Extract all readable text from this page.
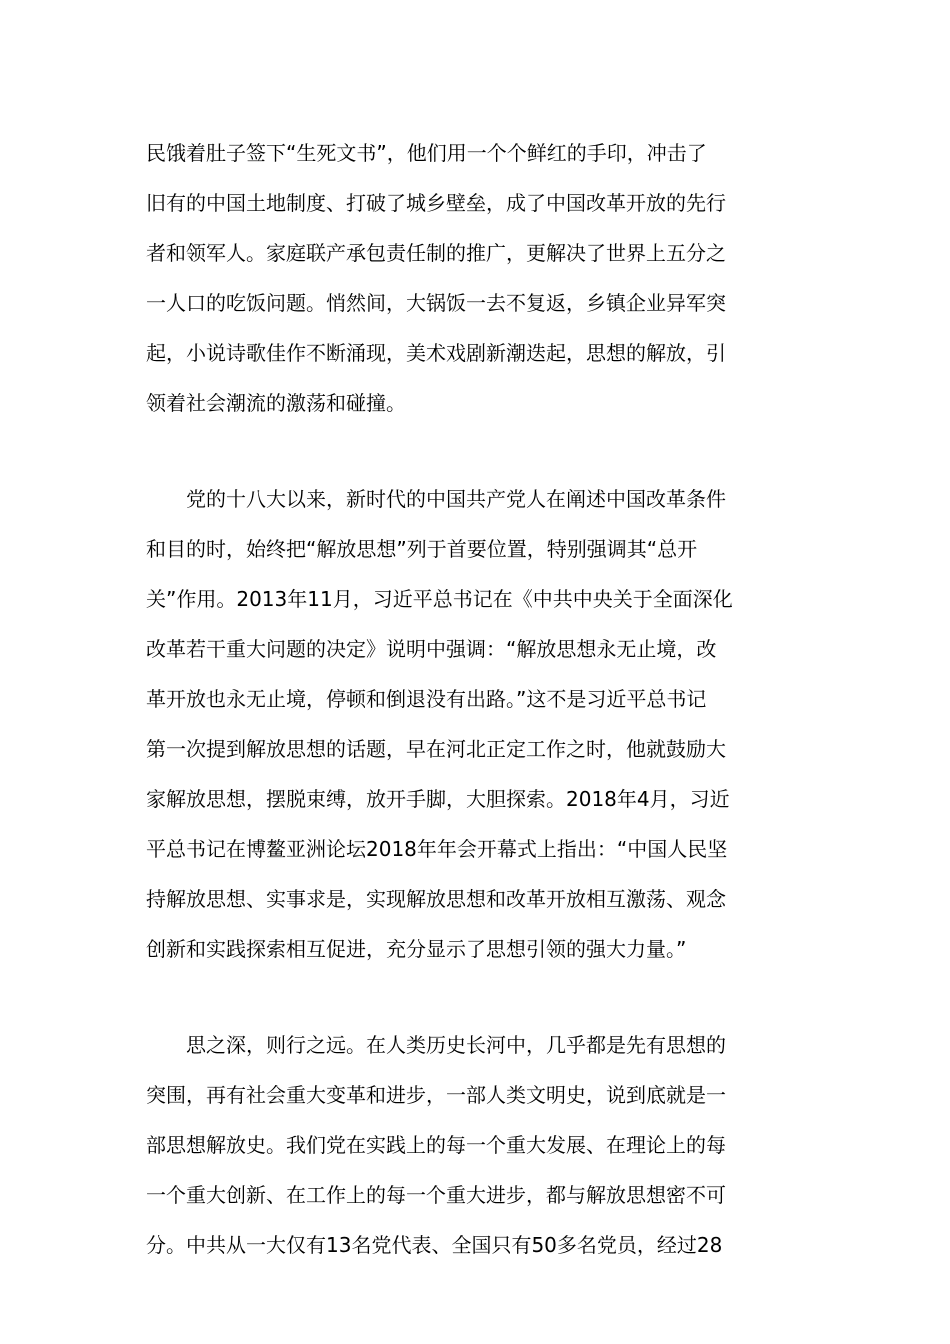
民饿着肚子签下“生死文书”，他们用一个个鲜红的手印，冲击了
旧有的中国土地制度、打破了城乡壁垒，成了中国改革开放的先行
者和领军人。家庭联产承包责任制的推广，更解决了世界上五分之
一人口的吃饭问题。悄然间，大锅饭一去不复返，乡镇企业异军突
起，小说诗歌佳作不断涌现，美术戏剧新潮迭起，思想的解放，引
领着社会潮流的激荡和碰撞。
　　党的十八大以来，新时代的中国共产党人在阐述中国改革条件
和目的时，始终把“解放思想”列于首要位置，特别强调其“总开
关”作用。2013年11月，习近平总书记在《中共中央关于全面深化
改革若干重大问题的决定》说明中强调：“解放思想永无止境，改
革开放也永无止境，停顿和倒退没有出路。”这不是习近平总书记
第一次提到解放思想的话题，早在河北正定工作之时，他就鼓励大
家解放思想，摆脱束缚，放开手脚，大胆探索。2018年4月，习近
平总书记在博鳌亚洲论坛2018年年会开幕式上指出：“中国人民坚
持解放思想、实事求是，实现解放思想和改革开放相互激荡、观念
创新和实践探索相互促进，充分显示了思想引领的强大力量。”
　　思之深，则行之远。在人类历史长河中，几乎都是先有思想的
突围，再有社会重大变革和进步，一部人类文明史，说到底就是一
部思想解放史。我们党在实践上的每一个重大发展、在理论上的每
一个重大创新、在工作上的每一个重大进步，都与解放思想密不可
分。中共从一大仅有13名党代表、全国只有50多名党员，经过28
